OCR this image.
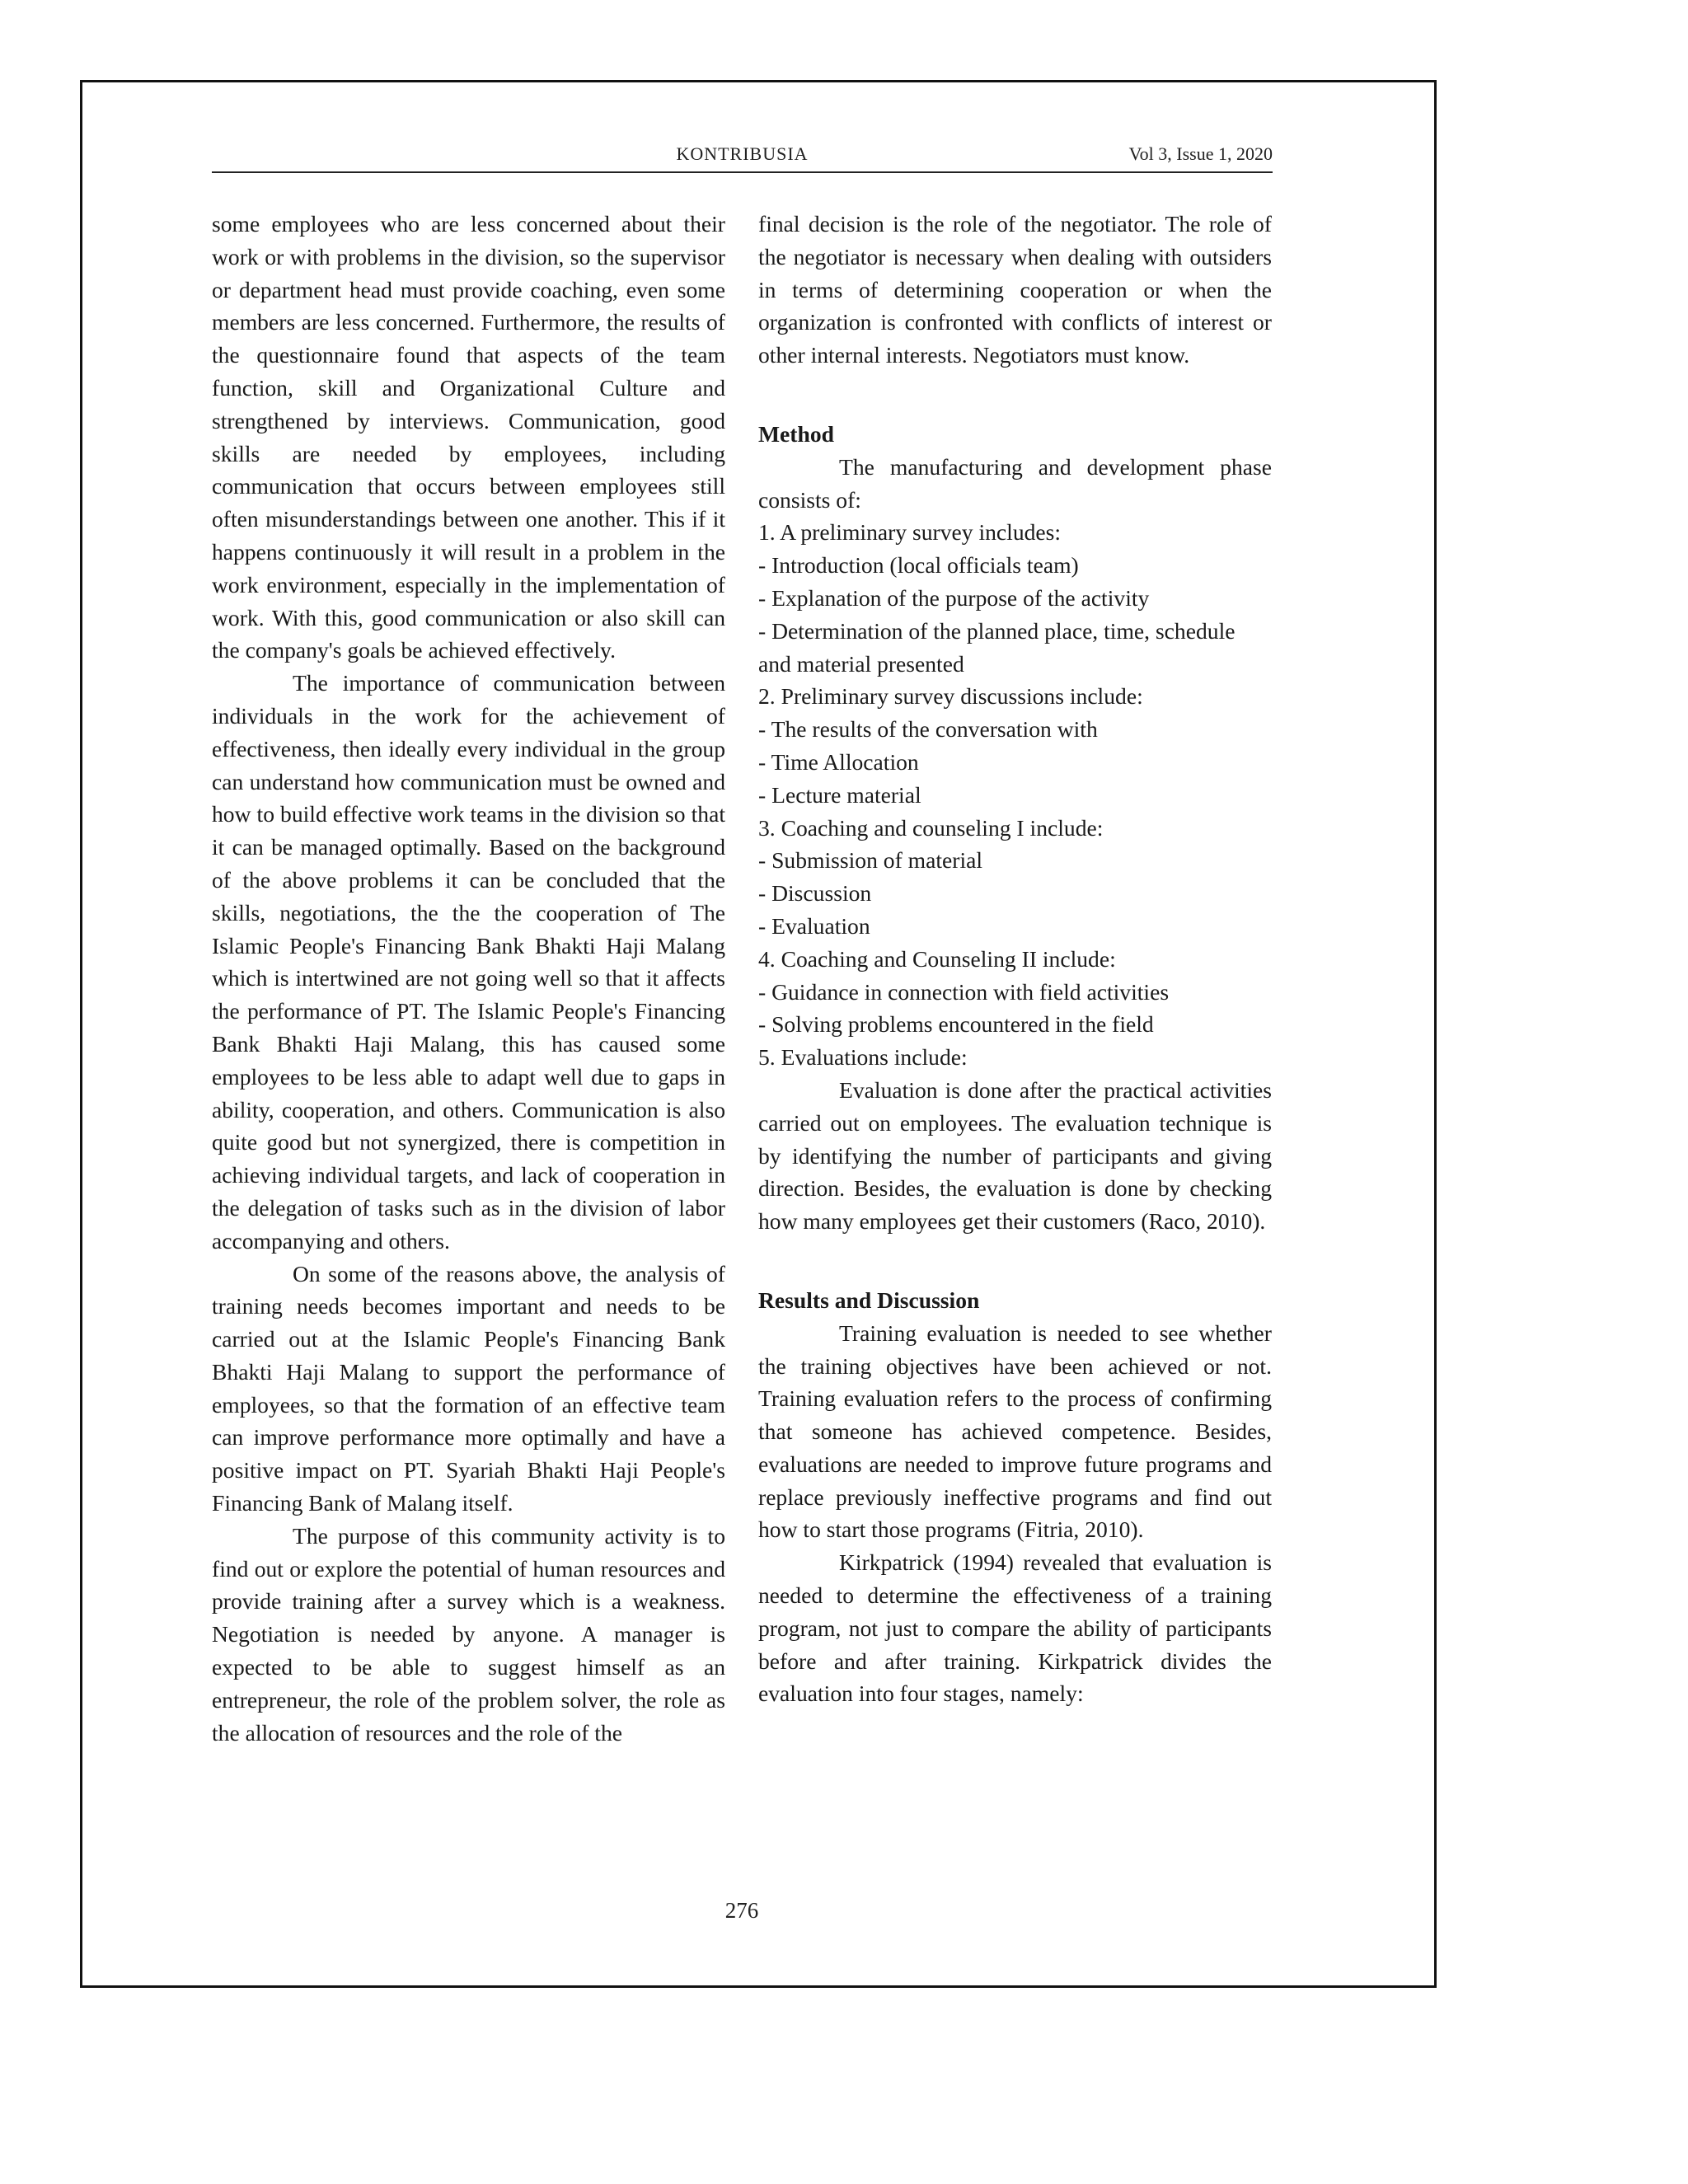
KONTRIBUSIA	Vol 3, Issue 1, 2020

some employees who are less concerned about their work or with problems in the division, so the supervisor or department head must provide coaching, even some members are less concerned. Furthermore, the results of the questionnaire found that aspects of the team function, skill and Organizational Culture and strengthened by interviews. Communication, good skills are needed by employees, including communication that occurs between employees still often misunderstandings between one another. This if it happens continuously it will result in a problem in the work environment, especially in the implementation of work. With this, good communication or also skill can the company's goals be achieved effectively.

The importance of communication between individuals in the work for the achievement of effectiveness, then ideally every individual in the group can understand how communication must be owned and how to build effective work teams in the division so that it can be managed optimally. Based on the background of the above problems it can be concluded that the skills, negotiations, the the the cooperation of The Islamic People's Financing Bank Bhakti Haji Malang which is intertwined are not going well so that it affects the performance of PT. The Islamic People's Financing Bank Bhakti Haji Malang, this has caused some employees to be less able to adapt well due to gaps in ability, cooperation, and others. Communication is also quite good but not synergized, there is competition in achieving individual targets, and lack of cooperation in the delegation of tasks such as in the division of labor accompanying and others.

On some of the reasons above, the analysis of training needs becomes important and needs to be carried out at the Islamic People's Financing Bank Bhakti Haji Malang to support the performance of employees, so that the formation of an effective team can improve performance more optimally and have a positive impact on PT. Syariah Bhakti Haji People's Financing Bank of Malang itself.

The purpose of this community activity is to find out or explore the potential of human resources and provide training after a survey which is a weakness. Negotiation is needed by anyone. A manager is expected to be able to suggest himself as an entrepreneur, the role of the problem solver, the role as the allocation of resources and the role of the

final decision is the role of the negotiator. The role of the negotiator is necessary when dealing with outsiders in terms of determining cooperation or when the organization is confronted with conflicts of interest or other internal interests. Negotiators must know.

Method

The manufacturing and development phase consists of:

1. A preliminary survey includes:
- Introduction (local officials team)
- Explanation of the purpose of the activity
- Determination of the planned place, time, schedule and material presented
2. Preliminary survey discussions include:
- The results of the conversation with
- Time Allocation
- Lecture material
3. Coaching and counseling I include:
- Submission of material
- Discussion
- Evaluation
4. Coaching and Counseling II include:
- Guidance in connection with field activities
- Solving problems encountered in the field
5. Evaluations include:

Evaluation is done after the practical activities carried out on employees. The evaluation technique is by identifying the number of participants and giving direction. Besides, the evaluation is done by checking how many employees get their customers (Raco, 2010).

Results and Discussion

Training evaluation is needed to see whether the training objectives have been achieved or not. Training evaluation refers to the process of confirming that someone has achieved competence. Besides, evaluations are needed to improve future programs and replace previously ineffective programs and find out how to start those programs (Fitria, 2010).

Kirkpatrick (1994) revealed that evaluation is needed to determine the effectiveness of a training program, not just to compare the ability of participants before and after training. Kirkpatrick divides the evaluation into four stages, namely:

276
